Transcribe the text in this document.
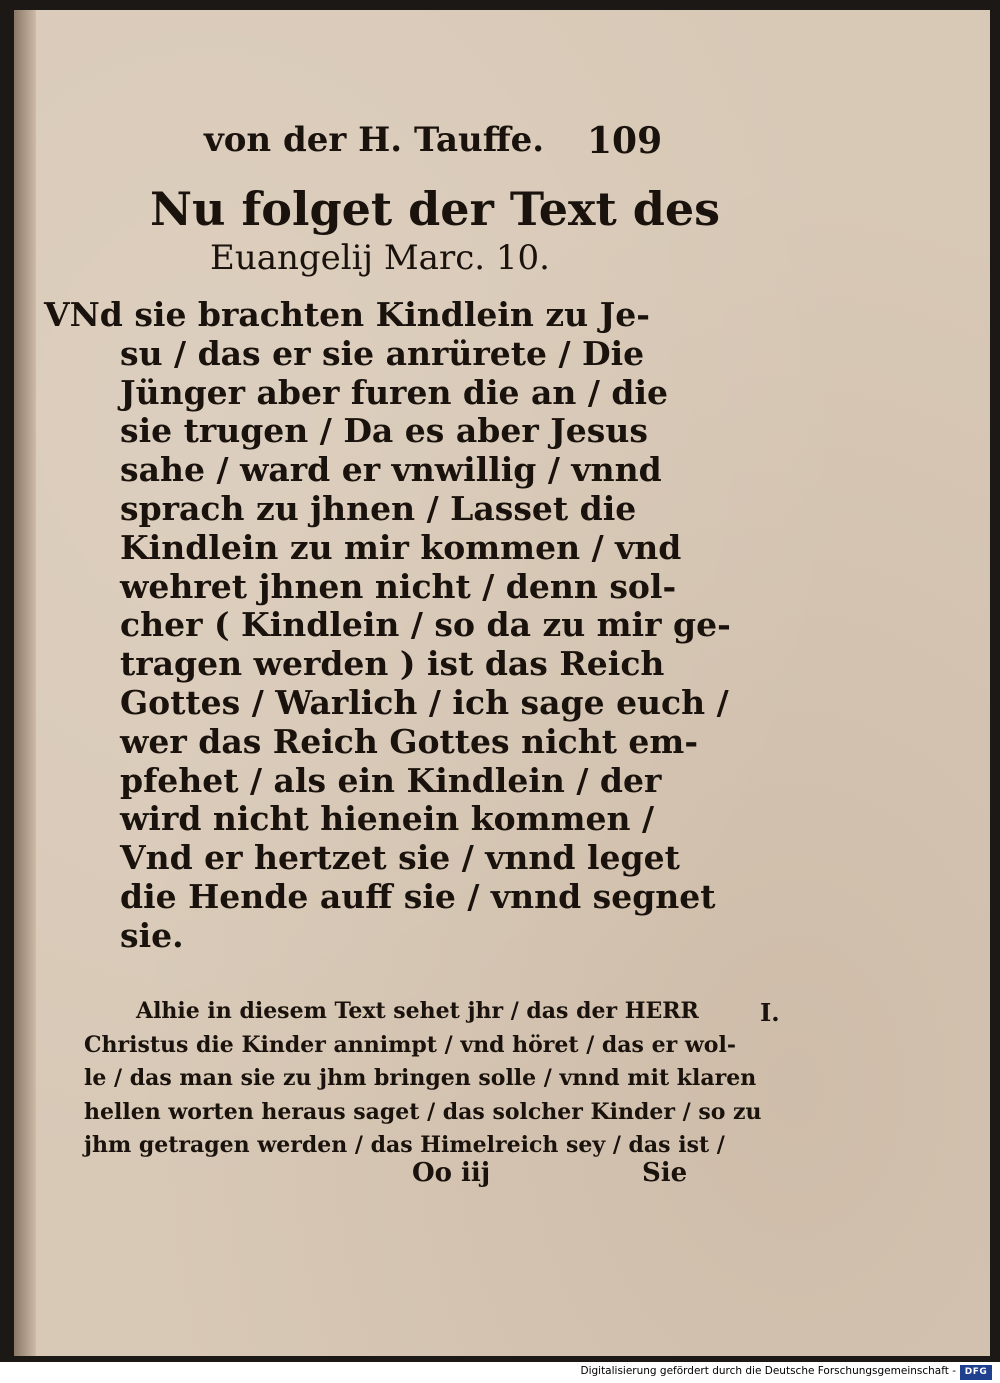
von der H. Tauffe. 109
Nu folget der Text des
Euangelij Marc. 10.
VNd sie brachten Kindlein zu Je-
su / das er sie anrürete / Die
Jünger aber furen die an / die
sie trugen / Da es aber Jesus
sahe / ward er vnwillig / vnnd
sprach zu jhnen / Lasset die
Kindlein zu mir kommen / vnd
wehret jhnen nicht / denn sol-
cher ( Kindlein / so da zu mir ge-
tragen werden ) ist das Reich
Gottes / Warlich / ich sage euch /
wer das Reich Gottes nicht em-
pfehet / als ein Kindlein / der
wird nicht hienein kommen /
Vnd er hertzet sie / vnnd leget
die Hende auff sie / vnnd segnet
sie.
Alhie in diesem Text sehet jhr / das der HERR
Christus die Kinder annimpt / vnd höret / das er wol-
le / das man sie zu jhm bringen solle / vnnd mit klaren
hellen worten heraus saget / das solcher Kinder / so zu
jhm getragen werden / das Himelreich sey / das ist /
I.
Oo iij	Sie
Digitalisierung gefördert durch die Deutsche Forschungsgemeinschaft - DFG
